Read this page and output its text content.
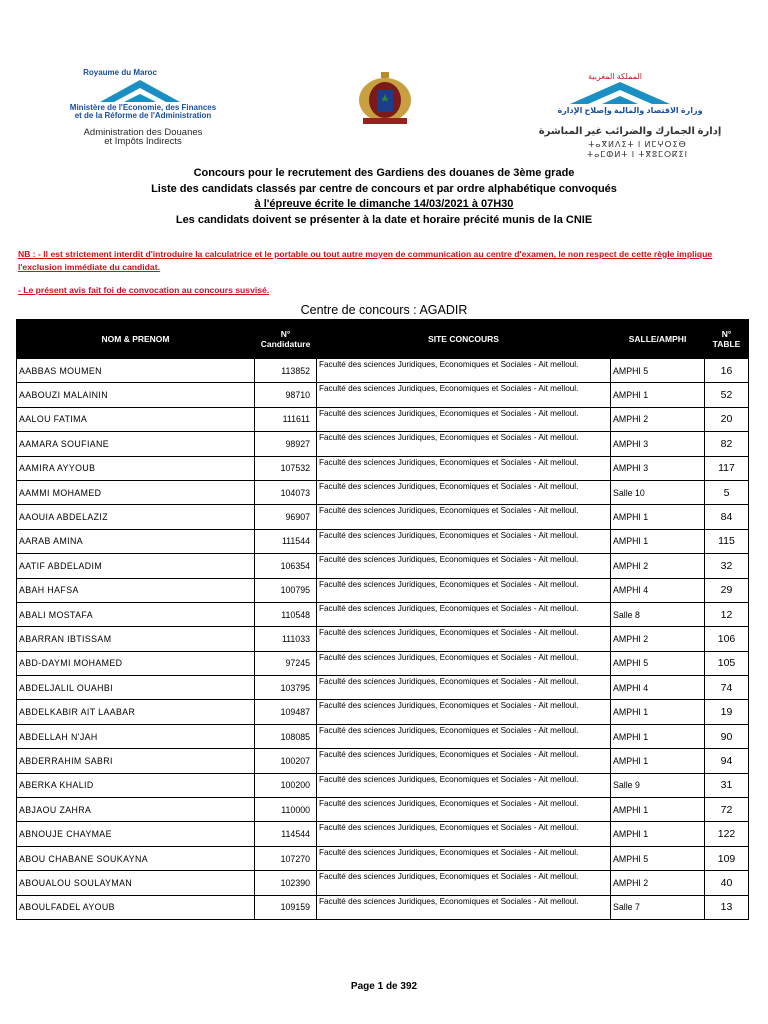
Royaume du Maroc
Ministère de l'Economie, des Finances
et de la Réforme de l'Administration
Administration des Douanes
et Impôts Indirects
المملكة المغربية
وزارة الاقتصاد والمالية وإصلاح الإدارة
إدارة الجمارك والضرائب غير المباشرة
ⵜⴰⴳⵍⴷⵉⵜ ⵏ ⵍⵎⵖⵔⵉⴱ
ⵜⴰⵎⵀⵍⵜ ⵏ ⵜⴳⵓⵎⵔⴽⵉⵏ
Concours pour le recrutement des Gardiens des douanes de 3ème grade
Liste des candidats classés par centre de concours et par ordre alphabétique convoqués
à l'épreuve écrite le dimanche 14/03/2021 à 07H30
Les candidats doivent se présenter à la date et horaire précité munis de la CNIE
NB : - Il est strictement interdit d'introduire la calculatrice et le portable ou tout autre moyen de communication au centre d'examen, le non respect de cette règle implique l'exclusion immédiate du candidat.
- Le présent avis fait foi de convocation au concours susvisé.
Centre de concours : AGADIR
NOM & PRENOM	N° Candidature	SITE CONCOURS	SALLE/AMPHI	N° TABLE
AABBAS MOUMEN	113852	Faculté des sciences Juridiques, Economiques et Sociales - Ait melloul.	AMPHI 5	16
AABOUZI MALAININ	98710	Faculté des sciences Juridiques, Economiques et Sociales - Ait melloul.	AMPHI 1	52
AALOU FATIMA	111611	Faculté des sciences Juridiques, Economiques et Sociales - Ait melloul.	AMPHI 2	20
AAMARA SOUFIANE	98927	Faculté des sciences Juridiques, Economiques et Sociales - Ait melloul.	AMPHI 3	82
AAMIRA AYYOUB	107532	Faculté des sciences Juridiques, Economiques et Sociales - Ait melloul.	AMPHI 3	117
AAMMI MOHAMED	104073	Faculté des sciences Juridiques, Economiques et Sociales - Ait melloul.	Salle 10	5
AAOUIA ABDELAZIZ	96907	Faculté des sciences Juridiques, Economiques et Sociales - Ait melloul.	AMPHI 1	84
AARAB AMINA	111544	Faculté des sciences Juridiques, Economiques et Sociales - Ait melloul.	AMPHI 1	115
AATIF ABDELADIM	106354	Faculté des sciences Juridiques, Economiques et Sociales - Ait melloul.	AMPHI 2	32
ABAH HAFSA	100795	Faculté des sciences Juridiques, Economiques et Sociales - Ait melloul.	AMPHI 4	29
ABALI MOSTAFA	110548	Faculté des sciences Juridiques, Economiques et Sociales - Ait melloul.	Salle 8	12
ABARRAN IBTISSAM	111033	Faculté des sciences Juridiques, Economiques et Sociales - Ait melloul.	AMPHI 2	106
ABD-DAYMI MOHAMED	97245	Faculté des sciences Juridiques, Economiques et Sociales - Ait melloul.	AMPHI 5	105
ABDELJALIL OUAHBI	103795	Faculté des sciences Juridiques, Economiques et Sociales - Ait melloul.	AMPHI 4	74
ABDELKABIR AIT LAABAR	109487	Faculté des sciences Juridiques, Economiques et Sociales - Ait melloul.	AMPHI 1	19
ABDELLAH N'JAH	108085	Faculté des sciences Juridiques, Economiques et Sociales - Ait melloul.	AMPHI 1	90
ABDERRAHIM SABRI	100207	Faculté des sciences Juridiques, Economiques et Sociales - Ait melloul.	AMPHI 1	94
ABERKA KHALID	100200	Faculté des sciences Juridiques, Economiques et Sociales - Ait melloul.	Salle 9	31
ABJAOU ZAHRA	110000	Faculté des sciences Juridiques, Economiques et Sociales - Ait melloul.	AMPHI 1	72
ABNOUJE CHAYMAE	114544	Faculté des sciences Juridiques, Economiques et Sociales - Ait melloul.	AMPHI 1	122
ABOU CHABANE SOUKAYNA	107270	Faculté des sciences Juridiques, Economiques et Sociales - Ait melloul.	AMPHI 5	109
ABOUALOU SOULAYMAN	102390	Faculté des sciences Juridiques, Economiques et Sociales - Ait melloul.	AMPHI 2	40
ABOULFADEL AYOUB	109159	Faculté des sciences Juridiques, Economiques et Sociales - Ait melloul.	Salle 7	13
Page 1 de 392
